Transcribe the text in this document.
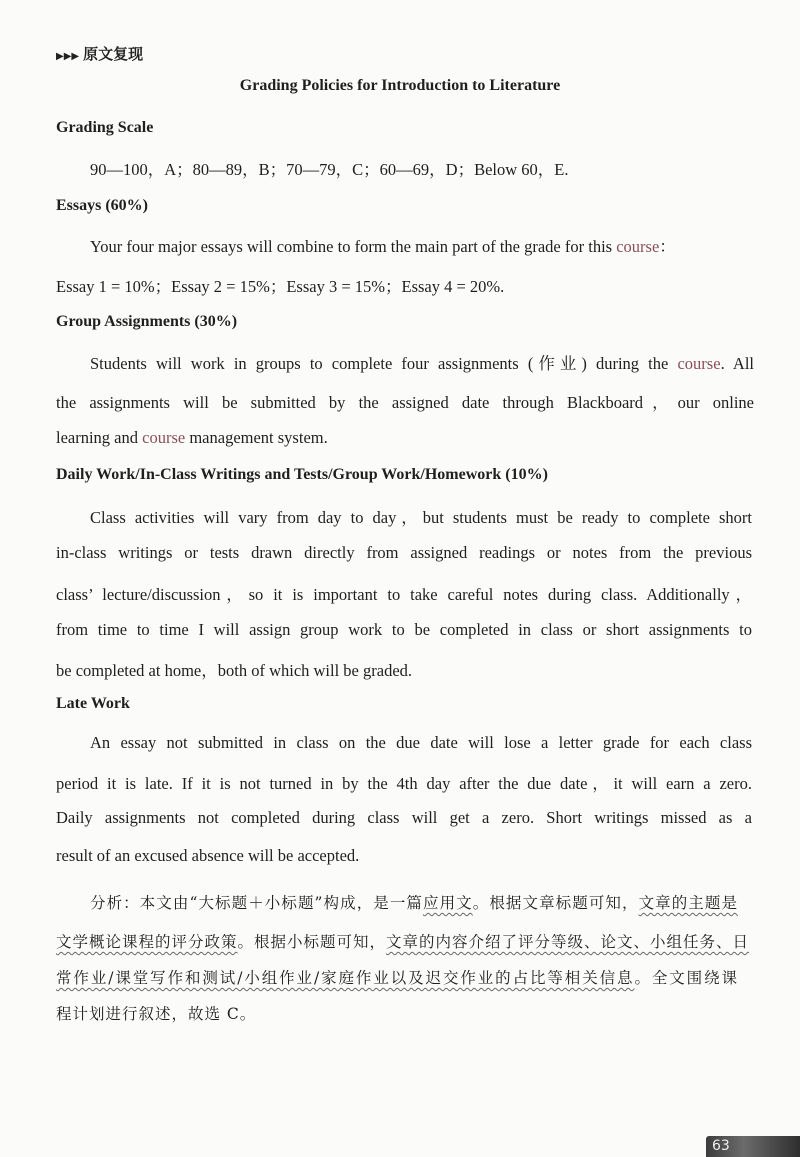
▶▶▶ 原文复现
Grading Policies for Introduction to Literature
Grading Scale
90—100，A；80—89，B；70—79，C；60—69，D；Below 60，E.
Essays (60%)
Your four major essays will combine to form the main part of the grade for this course：
Essay 1 = 10%；Essay 2 = 15%；Essay 3 = 15%；Essay 4 = 20%.
Group Assignments (30%)
Students will work in groups to complete four assignments (作业) during the course. All
the assignments will be submitted by the assigned date through Blackboard，our online
learning and course management system.
Daily Work/In-Class Writings and Tests/Group Work/Homework (10%)
Class activities will vary from day to day，but students must be ready to complete short
in-class writings or tests drawn directly from assigned readings or notes from the previous
class’ lecture/discussion，so it is important to take careful notes during class. Additionally，
from time to time I will assign group work to be completed in class or short assignments to
be completed at home，both of which will be graded.
Late Work
An essay not submitted in class on the due date will lose a letter grade for each class
period it is late. If it is not turned in by the 4th day after the due date，it will earn a zero.
Daily assignments not completed during class will get a zero. Short writings missed as a
result of an excused absence will be accepted.
分析：本文由“大标题＋小标题”构成，是一篇应用文。根据文章标题可知，文章的主题是
文学概论课程的评分政策。根据小标题可知，文章的内容介绍了评分等级、论文、小组任务、日
常作业/课堂写作和测试/小组作业/家庭作业以及迟交作业的占比等相关信息。全文围绕课
程计划进行叙述，故选 C。
63
